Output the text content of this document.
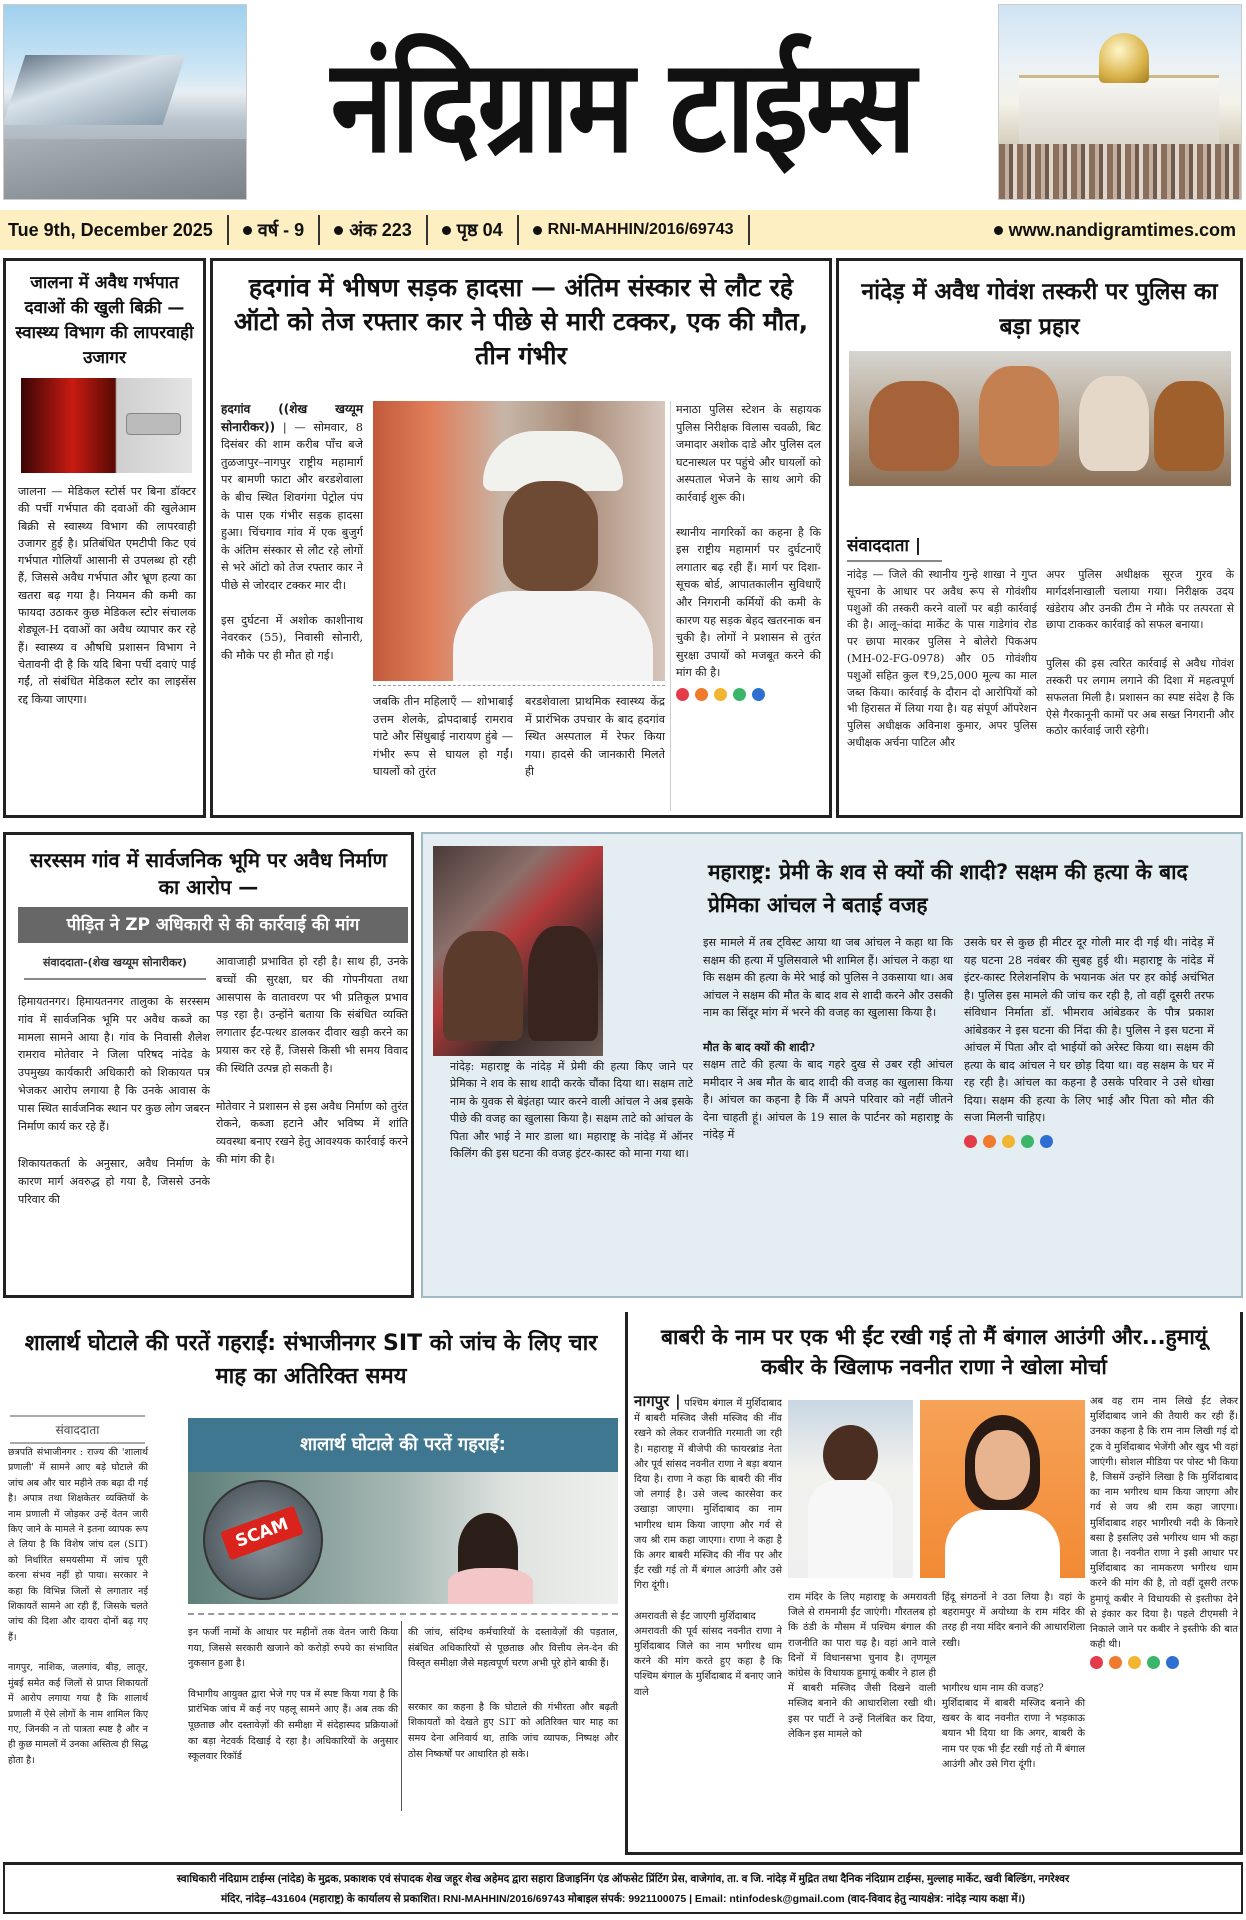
नंदिग्राम टाईम्स
Tue 9th, December 2025	वर्ष - 9	अंक 223	पृष्ठ 04	RNI-MAHHIN/2016/69743	www.nandigramtimes.com
जालना में अवैध गर्भपात दवाओं की खुली बिक्री — स्वास्थ्य विभाग की लापरवाही उजागर
जालना — मेडिकल स्टोर्स पर बिना डॉक्टर की पर्ची गर्भपात की दवाओं की खुलेआम बिक्री से स्वास्थ्य विभाग की लापरवाही उजागर हुई है। प्रतिबंधित एमटीपी किट एवं गर्भपात गोलियाँ आसानी से उपलब्ध हो रही हैं, जिससे अवैध गर्भपात और भ्रूण हत्या का खतरा बढ़ गया है। नियमन की कमी का फायदा उठाकर कुछ मेडिकल स्टोर संचालक शेड्यूल-H दवाओं का अवैध व्यापार कर रहे हैं। स्वास्थ्य व औषधि प्रशासन विभाग ने चेतावनी दी है कि यदि बिना पर्ची दवाएं पाई गईं, तो संबंधित मेडिकल स्टोर का लाइसेंस रद्द किया जाएगा।
हदगांव में भीषण सड़क हादसा — अंतिम संस्कार से लौट रहे ऑटो को तेज रफ्तार कार ने पीछे से मारी टक्कर, एक की मौत, तीन गंभीर

हदगांव ((शेख खय्यूम सोनारीकर)) | — सोमवार, 8 दिसंबर की शाम करीब पाँच बजे तुळजापुर–नागपुर राष्ट्रीय महामार्ग पर बामणी फाटा और बरडशेवाला के बीच स्थित शिवगंगा पेट्रोल पंप के पास एक गंभीर सड़क हादसा हुआ। चिंचगाव गांव में एक बुजुर्ग के अंतिम संस्कार से लौट रहे लोगों से भरे ऑटो को तेज रफ्तार कार ने पीछे से जोरदार टक्कर मार दी।

इस दुर्घटना में अशोक काशीनाथ नेवरकर (55), निवासी सोनारी, की मौके पर ही मौत हो गई।

जबकि तीन महिलाएँ — शोभाबाई उत्तम शेलके, द्रोपदाबाई रामराव पाटे और सिंधुबाई नारायण हुंबे — गंभीर रूप से घायल हो गईं। घायलों को तुरंत
बरडशेवाला प्राथमिक स्वास्थ्य केंद्र में प्रारंभिक उपचार के बाद हदगांव स्थित अस्पताल में रेफर किया गया। हादसे की जानकारी मिलते ही

मनाठा पुलिस स्टेशन के सहायक पुलिस निरीक्षक विलास चवळी, बिट जमादार अशोक दाडे और पुलिस दल घटनास्थल पर पहुंचे और घायलों को अस्पताल भेजने के साथ आगे की कार्रवाई शुरू की।

स्थानीय नागरिकों का कहना है कि इस राष्ट्रीय महामार्ग पर दुर्घटनाएँ लगातार बढ़ रही हैं। मार्ग पर दिशा-सूचक बोर्ड, आपातकालीन सुविधाएँ और निगरानी कर्मियों की कमी के कारण यह सड़क बेहद खतरनाक बन चुकी है। लोगों ने प्रशासन से तुरंत सुरक्षा उपायों को मजबूत करने की मांग की है।

नांदेड़ में अवैध गोवंश तस्करी पर पुलिस का बड़ा प्रहार
संवाददाता |
नांदेड़ — जिले की स्थानीय गुन्हे शाखा ने गुप्त सूचना के आधार पर अवैध रूप से गोवंशीय पशुओं की तस्करी करने वालों पर बड़ी कार्रवाई की है। आलू–कांदा मार्केट के पास गाडेगांव रोड पर छापा मारकर पुलिस ने बोलेरो पिकअप (MH-02-FG-0978) और 05 गोवंशीय पशुओं सहित कुल ₹9,25,000 मूल्य का माल जब्त किया। कार्रवाई के दौरान दो आरोपियों को भी हिरासत में लिया गया है। यह संपूर्ण ऑपरेशन पुलिस अधीक्षक अविनाश कुमार, अपर पुलिस अधीक्षक अर्चना पाटिल और

अपर पुलिस अधीक्षक सूरज गुरव के मार्गदर्शनाखाली चलाया गया। निरीक्षक उदय खंडेराय और उनकी टीम ने मौके पर तत्परता से छापा टाककर कार्रवाई को सफल बनाया।

पुलिस की इस त्वरित कार्रवाई से अवैध गोवंश तस्करी पर लगाम लगाने की दिशा में महत्वपूर्ण सफलता मिली है। प्रशासन का स्पष्ट संदेश है कि ऐसे गैरकानूनी कामों पर अब सख्त निगरानी और कठोर कार्रवाई जारी रहेगी।

सरस्सम गांव में सार्वजनिक भूमि पर अवैध निर्माण का आरोप —
पीड़ित ने ZP अधिकारी से की कार्रवाई की मांग
संवाददाता-(शेख खय्यूम सोनारीकर)

हिमायतनगर। हिमायतनगर तालुका के सरस्सम गांव में सार्वजनिक भूमि पर अवैध कब्जे का मामला सामने आया है। गांव के निवासी शैलेश रामराव मोतेवार ने जिला परिषद नांदेड के उपमुख्य कार्यकारी अधिकारी को शिकायत पत्र भेजकर आरोप लगाया है कि उनके आवास के पास स्थित सार्वजनिक स्थान पर कुछ लोग जबरन निर्माण कार्य कर रहे हैं।

शिकायतकर्ता के अनुसार, अवैध निर्माण के कारण मार्ग अवरुद्ध हो गया है, जिससे उनके परिवार की

आवाजाही प्रभावित हो रही है। साथ ही, उनके बच्चों की सुरक्षा, घर की गोपनीयता तथा आसपास के वातावरण पर भी प्रतिकूल प्रभाव पड़ रहा है। उन्होंने बताया कि संबंधित व्यक्ति लगातार ईंट-पत्थर डालकर दीवार खड़ी करने का प्रयास कर रहे हैं, जिससे किसी भी समय विवाद की स्थिति उत्पन्न हो सकती है।

मोतेवार ने प्रशासन से इस अवैध निर्माण को तुरंत रोकने, कब्जा हटाने और भविष्य में शांति व्यवस्था बनाए रखने हेतु आवश्यक कार्रवाई करने की मांग की है।

महाराष्ट्र: प्रेमी के शव से क्यों की शादी? सक्षम की हत्या के बाद प्रेमिका आंचल ने बताई वजह
नांदेड़: महाराष्ट्र के नांदेड़ में प्रेमी की हत्या किए जाने पर प्रेमिका ने शव के साथ शादी करके चौंका दिया था। सक्षम ताटे नाम के युवक से बेइंतहा प्यार करने वाली आंचल ने अब इसके पीछे की वजह का खुलासा किया है। सक्षम ताटे को आंचल के पिता और भाई ने मार डाला था। महाराष्ट्र के नांदेड़ में ऑनर किलिंग की इस घटना की वजह इंटर-कास्ट को माना गया था।

इस मामले में तब ट्विस्ट आया था जब आंचल ने कहा था कि सक्षम की हत्या में पुलिसवाले भी शामिल हैं। आंचल ने कहा था कि सक्षम की हत्या के मेरे भाई को पुलिस ने उकसाया था। अब आंचल ने सक्षम की मौत के बाद शव से शादी करने और उसकी नाम का सिंदूर मांग में भरने की वजह का खुलासा किया है।

मौत के बाद क्यों की शादी?

सक्षम ताटे की हत्या के बाद गहरे दुख से उबर रही आंचल ममीदार ने अब मौत के बाद शादी की वजह का खुलासा किया है। आंचल का कहना है कि मैं अपने परिवार को नहीं जीतने देना चाहती हूं। आंचल के 19 साल के पार्टनर को महाराष्ट्र के नांदेड़ में

उसके घर से कुछ ही मीटर दूर गोली मार दी गई थी। नांदेड़ में यह घटना 28 नवंबर की सुबह हुई थी। महाराष्ट्र के नांदेड में इंटर-कास्ट रिलेशनशिप के भयानक अंत पर हर कोई अचंभित है। पुलिस इस मामले की जांच कर रही है, तो वहीं दूसरी तरफ संविधान निर्माता डॉ. भीमराव आंबेडकर के पौत्र प्रकाश आंबेडकर ने इस घटना की निंदा की है। पुलिस ने इस घटना में आंचल में पिता और दो भाईयों को अरेस्ट किया था। सक्षम की हत्या के बाद आंचल ने घर छोड़ दिया था। वह सक्षम के घर में रह रही है। आंचल का कहना है उसके परिवार ने उसे धोखा दिया। सक्षम की हत्या के लिए भाई और पिता को मौत की सजा मिलनी चाहिए।

शालार्थ घोटाले की परतें गहराईं: संभाजीनगर SIT को जांच के लिए चार माह का अतिरिक्त समय
संवाददाता

छत्रपति संभाजीनगर : राज्य की 'शालार्थ प्रणाली' में सामने आए बड़े घोटाले की जांच अब और चार महीने तक बढ़ा दी गई है। अपात्र तथा शिक्षकेतर व्यक्तियों के नाम प्रणाली में जोड़कर उन्हें वेतन जारी किए जाने के मामले ने इतना व्यापक रूप ले लिया है कि विशेष जांच दल (SIT) को निर्धारित समयसीमा में जांच पूरी करना संभव नहीं हो पाया। सरकार ने कहा कि विभिन्न जिलों से लगातार नई शिकायतें सामने आ रही हैं, जिसके चलते जांच की दिशा और दायरा दोनों बढ़ गए हैं।

नागपुर, नाशिक, जलगांव, बीड़, लातूर, मुंबई समेत कई जिलों से प्राप्त शिकायतों में आरोप लगाया गया है कि शालार्थ प्रणाली में ऐसे लोगों के नाम शामिल किए गए, जिनकी न तो पात्रता स्पष्ट है और न ही कुछ मामलों में उनका अस्तित्व ही सिद्ध होता है।

शालार्थ घोटाले की परतें गहराईं:
SCAM

इन फर्जी नामों के आधार पर महीनों तक वेतन जारी किया गया, जिससे सरकारी खजाने को करोड़ों रुपये का संभावित नुकसान हुआ है।

विभागीय आयुक्त द्वारा भेजे गए पत्र में स्पष्ट किया गया है कि प्रारंभिक जांच में कई नए पहलू सामने आए हैं। अब तक की पूछताछ और दस्तावेज़ों की समीक्षा में संदेहास्पद प्रक्रियाओं का बड़ा नेटवर्क दिखाई दे रहा है। अधिकारियों के अनुसार स्कूलवार रिकॉर्ड

की जांच, संदिग्ध कर्मचारियों के दस्तावेज़ों की पड़ताल, संबंधित अधिकारियों से पूछताछ और वित्तीय लेन-देन की विस्तृत समीक्षा जैसे महत्वपूर्ण चरण अभी पूरे होने बाकी हैं।

सरकार का कहना है कि घोटाले की गंभीरता और बढ़ती शिकायतों को देखते हुए SIT को अतिरिक्त चार माह का समय देना अनिवार्य था, ताकि जांच व्यापक, निष्पक्ष और ठोस निष्कर्षों पर आधारित हो सके।

बाबरी के नाम पर एक भी ईंट रखी गई तो मैं बंगाल आउंगी और...हुमायूं कबीर के खिलाफ नवनीत राणा ने खोला मोर्चा

नागपुर | पश्चिम बंगाल में मुर्शिदाबाद में बाबरी मस्जिद जैसी मस्जिद की नींव रखने को लेकर राजनीति गरमाती जा रही है। महाराष्ट्र में बीजेपी की फायरब्रांड नेता और पूर्व सांसद नवनीत राणा ने बड़ा बयान दिया है। राणा ने कहा कि बाबरी की नींव जो लगाई है। उसे जल्द कारसेवा कर उखाड़ा जाएगा। मुर्शिदाबाद का नाम भागीरथ धाम किया जाएगा और गर्व से जय श्री राम कहा जाएगा। राणा ने कहा है कि अगर बाबरी मस्जिद की नींव पर और ईंट रखी गई तो मैं बंगाल आउंगी और उसे गिरा दूंगी।

अमरावती से ईंट जाएगी मुर्शिदाबाद

अमरावती की पूर्व सांसद नवनीत राणा ने मुर्शिदाबाद जिले का नाम भगीरथ धाम करने की मांग करते हुए कहा है कि पश्चिम बंगाल के मुर्शिदाबाद में बनाए जाने वाले

राम मंदिर के लिए महाराष्ट्र के अमरावती जिले से रामनामी ईंट जाएंगी। गौरतलब हो कि ठंडी के मौसम में पश्चिम बंगाल की राजनीति का पारा चढ़ है। वहां आने वाले दिनों में विधानसभा चुनाव है। तृणमूल कांग्रेस के विधायक हुमायूं कबीर ने हाल ही में बाबरी मस्जिद जैसी दिखने वाली मस्जिद बनाने की आधारशिला रखी थी। इस पर पार्टी ने उन्हें निलंबित कर दिया, लेकिन इस मामले को

हिंदू संगठनों ने उठा लिया है। वहां के बहरामपुर में अयोध्या के राम मंदिर की तरह ही नया मंदिर बनाने की आधारशिला रखी।

भागीरथ धाम नाम की वजह?

मुर्शिदाबाद में बाबरी मस्जिद बनाने की खबर के बाद नवनीत राणा ने भड़काऊ बयान भी दिया था कि अगर, बाबरी के नाम पर एक भी ईंट रखी गई तो मैं बंगाल आउंगी और उसे गिरा दूंगी।

अब वह राम नाम लिखे ईंट लेकर मुर्शिदाबाद जाने की तैयारी कर रही हैं। उनका कहना है कि राम नाम लिखी गई दो ट्रक वे मुर्शिदाबाद भेजेंगी और खुद भी वहां जाएंगी। सोशल मीडिया पर पोस्ट भी किया है, जिसमें उन्होंने लिखा है कि मुर्शिदाबाद का नाम भगीरथ धाम किया जाएगा और गर्व से जय श्री राम कहा जाएगा। मुर्शिदाबाद शहर भागीरथी नदी के किनारे बसा है इसलिए उसे भगीरथ धाम भी कहा जाता है। नवनीत राणा ने इसी आधार पर मुर्शिदाबाद का नामकरण भगीरथ धाम करने की मांग की है, तो वहीं दूसरी तरफ हुमायूं कबीर ने विधायकी से इस्तीफा देने से इंकार कर दिया है। पहले टीएमसी ने निकाले जाने पर कबीर ने इस्तीफे की बात कही थी।

स्वाधिकारी नंदिग्राम टाईम्स (नांदेड) के मुद्रक, प्रकाशक एवं संपादक शेख जहूर शेख अहेमद द्वारा सहारा डिजाइनिंग एंड ऑफसेट प्रिंटिंग प्रेस, वाजेगांव, ता. व जि. नांदेड़ में मुद्रित तथा दैनिक नंदिग्राम टाईम्स, मुल्लाह मार्केट, खवी बिल्डिंग, नगरेश्वर
मंदिर, नांदेड़–431604 (महाराष्ट्र) के कार्यालय से प्रकाशित। RNI-MAHHIN/2016/69743 मोबाइल संपर्क: 9921100075 | Email: ntinfodesk@gmail.com (वाद-विवाद हेतु न्यायक्षेत्र: नांदेड़ न्याय कक्षा में।)
